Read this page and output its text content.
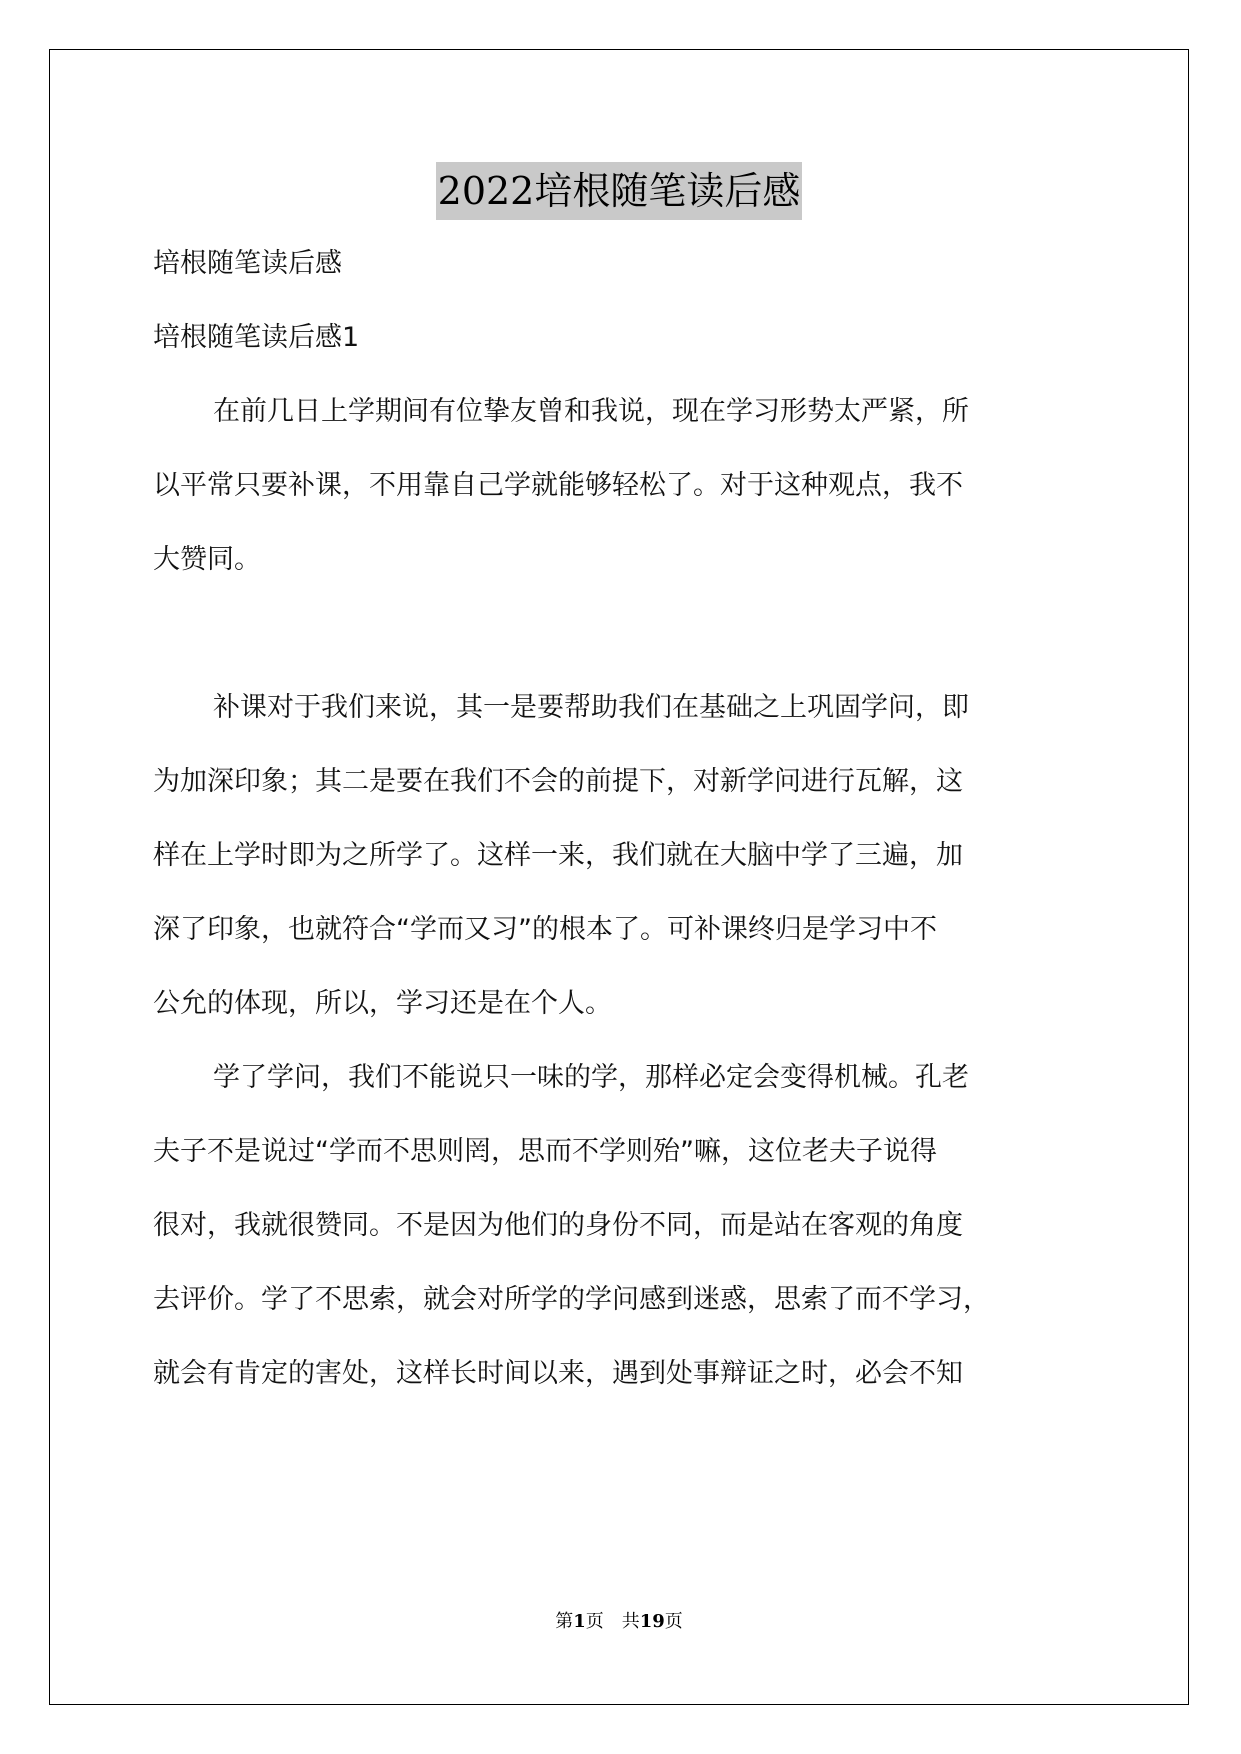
2022培根随笔读后感
培根随笔读后感
培根随笔读后感1
在前几日上学期间有位挚友曾和我说，现在学习形势太严紧，所
以平常只要补课，不用靠自己学就能够轻松了。对于这种观点，我不
大赞同。
补课对于我们来说，其一是要帮助我们在基础之上巩固学问，即
为加深印象；其二是要在我们不会的前提下，对新学问进行瓦解，这
样在上学时即为之所学了。这样一来，我们就在大脑中学了三遍，加
深了印象，也就符合“学而又习”的根本了。可补课终归是学习中不
公允的体现，所以，学习还是在个人。
学了学问，我们不能说只一味的学，那样必定会变得机械。孔老
夫子不是说过“学而不思则罔，思而不学则殆”嘛，这位老夫子说得
很对，我就很赞同。不是因为他们的身份不同，而是站在客观的角度
去评价。学了不思索，就会对所学的学问感到迷惑，思索了而不学习，
就会有肯定的害处，这样长时间以来，遇到处事辩证之时，必会不知
第1页　共19页
